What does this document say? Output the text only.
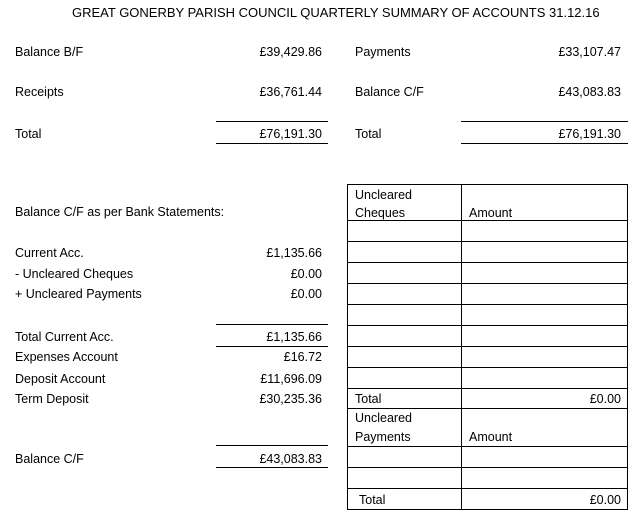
GREAT GONERBY PARISH COUNCIL QUARTERLY SUMMARY OF ACCOUNTS 31.12.16
Balance B/F	£39,429.86
Receipts	£36,761.44
Total	£76,191.30
Payments	£33,107.47
Balance C/F	£43,083.83
Total	£76,191.30
Balance C/F as per Bank Statements:
Current Acc.	£1,135.66
- Uncleared Cheques	£0.00
+ Uncleared Payments	£0.00
Total Current Acc.	£1,135.66
Expenses Account	£16.72
Deposit Account	£11,696.09
Term Deposit	£30,235.36
Balance C/F	£43,083.83
Uncleared
Cheques	Amount
Total	£0.00
Uncleared
Payments	Amount
Total	£0.00
